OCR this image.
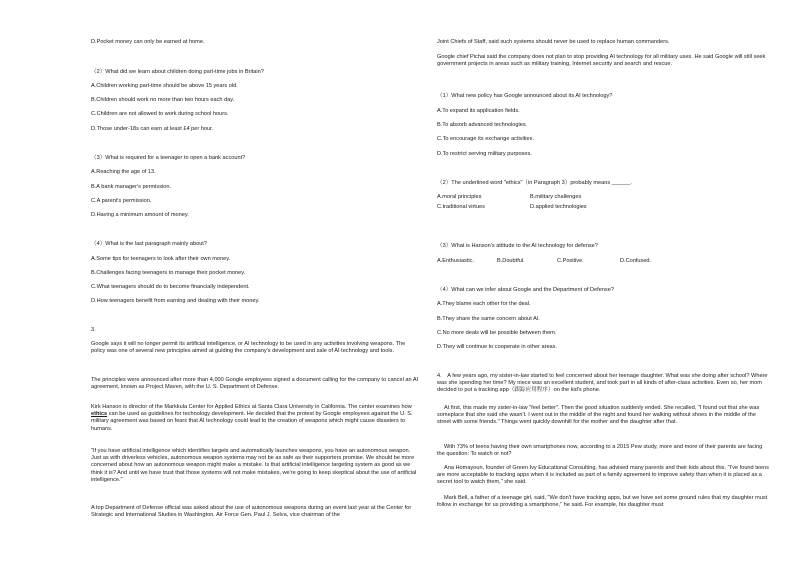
D.Pocket money can only be earned at home.
（2）What did we learn about children doing part-time jobs in Britain?
A.Children working part-time should be above 15 years old.
B.Children should work no more than two hours each day.
C.Children are not allowed to work during school hours.
D.Those under-18s can earn at least £4 per hour.
（3）What is required for a teenager to open a bank account?
A.Reaching the age of 13.
B.A bank manager's permission.
C.A parent's permission.
D.Having a minimum amount of money.
（4）What is the last paragraph mainly about?
A.Some tips for teenagers to look after their own money.
B.Challenges facing teenagers to manage their pocket money.
C.What teenagers should do to become financially independent.
D.How teenagers benefit from earning and dealing with their money.
3.
Google says it will no longer permit its artificial intelligence, or AI technology to be used in any activities involving weapons. The policy was one of several new principles aimed at guiding the company's development and sale of AI technology and tools.
The principles were announced after more than 4,000 Google employees signed a document calling for the company to cancel an AI agreement, known as Project Maven, with the U. S. Department of Defense.
Kirk Hanson is director of the Markkula Center for Applied Ethics at Santa Clara University in California. The center examines how ethics can be used as guidelines for technology development. He decided that the protest by Google employees against the U. S. military agreement was based on fears that AI technology could lead to the creation of weapons which might cause disasters to humans.
"If you have artificial intelligence which identifies targets and automatically launches weapons, you have an autonomous weapon. Just as with driverless vehicles, autonomous weapon systems may not be as safe as their supporters promise. We should be more concerned about how an autonomous weapon might make a mistake. Is that artificial intelligence targeting system as good as we think it is? And until we have trust that those systems will not make mistakes, we're going to keep skeptical about the use of artificial intelligence."
A top Department of Defense official was asked about the use of autonomous weapons during an event last year at the Center for Strategic and International Studies in Washington. Air Force Gen. Paul J. Selva, vice chairman of the
Joint Chiefs of Staff, said such systems should never be used to replace human commanders.
Google chief Pichai said the company does not plan to stop providing AI technology for all military uses. He said Google will still seek government projects in areas such as military training, Internet security and search and rescue.
（1）What new policy has Google announced about its AI technology?
A.To expand its application fields.
B.To absorb advanced technologies.
C.To encourage its exchange activities.
D.To restrict serving military purposes.
（2）The underlined word "ethics"（in Paragraph 3）probably means ______.
A.moral principles	B.military challenges
C.traditional virtues	D.applied technologies
（3）What is Hanson's attitude to the AI technology for defense?
A.Enthusiastic.	B.Doubtful.	C.Positive.	D.Confused.
（4）What can we infer about Google and the Department of Defense?
A.They blame each other for the deal.
B.They share the same concern about AI.
C.No more deals will be possible between them.
D.They will continue to cooperate in other areas.
4.　A few years ago, my sister-in-law started to feel concerned about her teenage daughter. What was she doing after school? Where was she spending her time? My niece was an excellent student, and took part in all kinds of after-class activities. Even so, her mom decided to put a tracking app（跟踪应用程序）on the kid's phone.
At first, this made my sister-in-law "feel better". Then the good situation suddenly ended. She recalled, "I found out that she was someplace that she said she wasn't. I went out in the middle of the night and found her walking without shoes in the middle of the street with some friends." Things went quickly downhill for the mother and the daughter after that.
With 73% of teens having their own smartphones now, according to a 2015 Pew study, more and more of their parents are facing the question: To watch or not?
Ana Homayoun, founder of Green Ivy Educational Consulting, has advised many parents and their kids about this. "I've found teens are more acceptable to tracking apps when it is included as part of a family agreement to improve safety than when it is placed as a secret tool to watch them," she said.
Mark Bell, a father of a teenage girl, said, "We don't have tracking apps, but we have set some ground rules that my daughter must follow in exchange for us providing a smartphone," he said. For example, his daughter must
